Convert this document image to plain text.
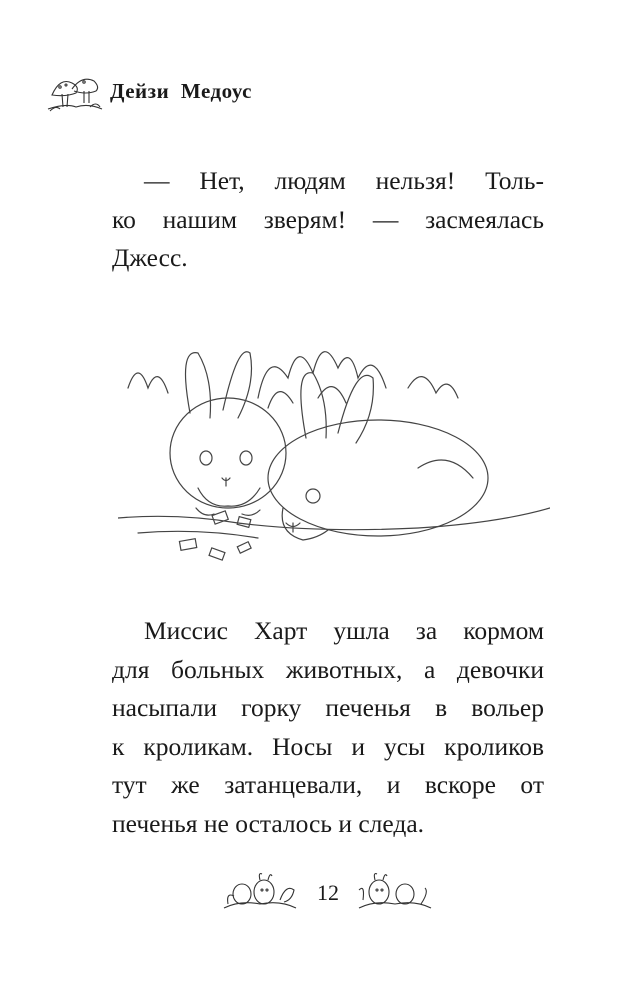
Дейзи Медоус
— Нет, людям нельзя! Толь-
ко нашим зверям! — засмеялась
Джесс.
Миссис Харт ушла за кормом
для больных животных, а девочки
насыпали горку печенья в вольер
к кроликам. Носы и усы кроликов
тут же затанцевали, и вскоре от
печенья не осталось и следа.
12
